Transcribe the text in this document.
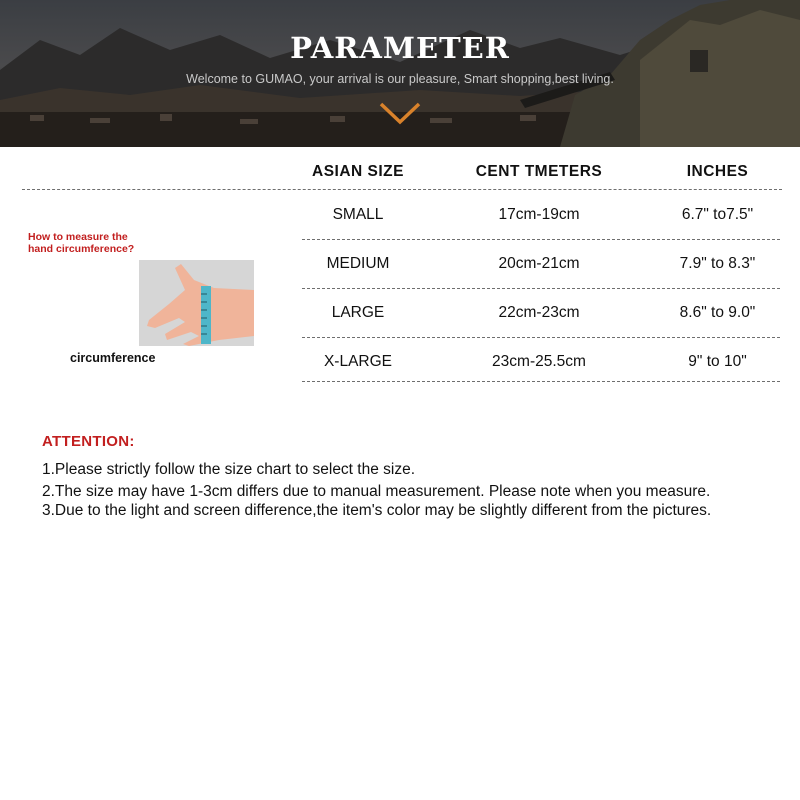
PARAMETER
Welcome to GUMAO, your arrival is our pleasure, Smart shopping,best living.
ASIAN SIZE	CENT TMETERS	INCHES
SMALL	17cm-19cm	6.7" to7.5"
MEDIUM	20cm-21cm	7.9" to 8.3"
LARGE	22cm-23cm	8.6" to 9.0"
X-LARGE	23cm-25.5cm	9" to 10"
How to measure the
hand circumference?
circumference
ATTENTION:
1.Please strictly follow the size chart to select the size.
2.The size may have 1-3cm differs due to manual measurement. Please note when you measure.
3.Due to the light and screen difference,the item's color may be slightly different from the pictures.
